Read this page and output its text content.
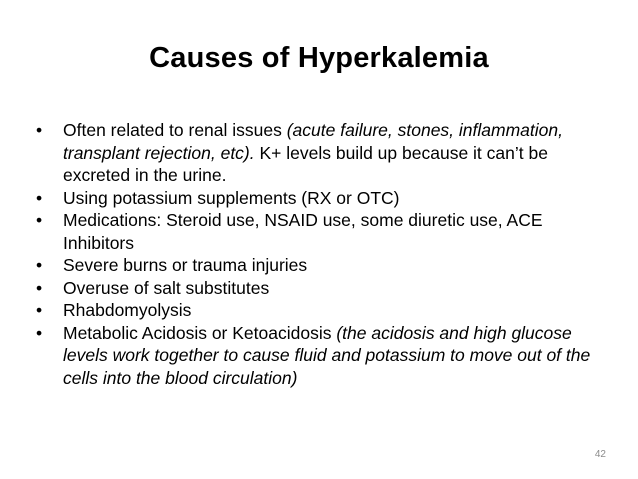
Causes of Hyperkalemia
•	Often related to renal issues (acute failure, stones, inflammation, transplant rejection, etc). K+ levels build up because it can’t be excreted in the urine.
•	Using potassium supplements (RX or OTC)
•	Medications: Steroid use, NSAID use, some diuretic use, ACE Inhibitors
•	Severe burns or trauma injuries
•	Overuse of salt substitutes
•	Rhabdomyolysis
•	Metabolic Acidosis or Ketoacidosis (the acidosis and high glucose levels work together to cause fluid and potassium to move out of the cells into the blood circulation)
42
